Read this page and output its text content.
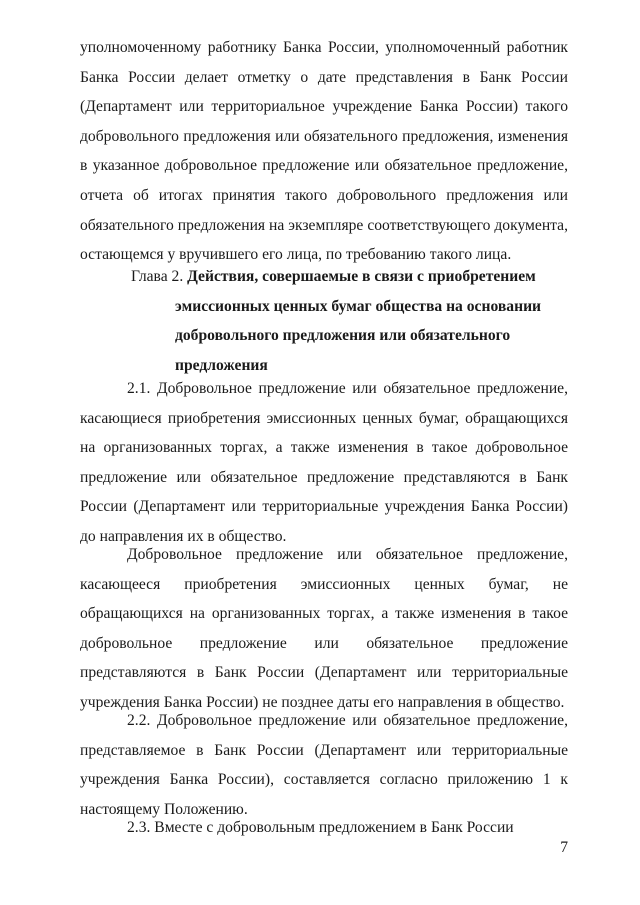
уполномоченному работнику Банка России, уполномоченный работник Банка России делает отметку о дате представления в Банк России (Департамент или территориальное учреждение Банка России) такого добровольного предложения или обязательного предложения, изменения в указанное добровольное предложение или обязательное предложение, отчета об итогах принятия такого добровольного предложения или обязательного предложения на экземпляре соответствующего документа, остающемся у вручившего его лица, по требованию такого лица.

Глава 2. Действия, совершаемые в связи с приобретением

эмиссионных ценных бумаг общества на основании

добровольного предложения или обязательного

предложения

2.1. Добровольное предложение или обязательное предложение, касающиеся приобретения эмиссионных ценных бумаг, обращающихся на организованных торгах, а также изменения в такое добровольное предложение или обязательное предложение представляются в Банк России (Департамент или территориальные учреждения Банка России) до направления их в общество.

Добровольное предложение или обязательное предложение, касающееся приобретения эмиссионных ценных бумаг, не обращающихся на организованных торгах, а также изменения в такое добровольное предложение или обязательное предложение представляются в Банк России (Департамент или территориальные учреждения Банка России) не позднее даты его направления в общество.

2.2. Добровольное предложение или обязательное предложение, представляемое в Банк России (Департамент или территориальные учреждения Банка России), составляется согласно приложению 1 к настоящему Положению.

2.3. Вместе с добровольным предложением в Банк России

7
